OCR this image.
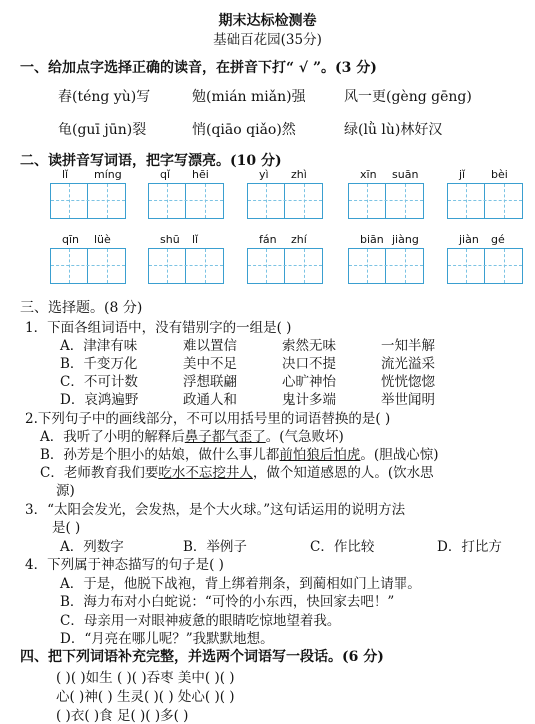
期末达标检测卷
基础百花园(35分)
一、给加点字选择正确的读音，在拼音下打“ √ ”。(3 分)
舂(téng yù)写	勉(mián miǎn)强	风一更(gèng gēng)
龟(guī jūn)裂	悄(qiāo qiǎo)然	绿(lǜ lù)林好汉
二、读拼音写词语，把字写漂亮。(10 分)
lǐ míng	qǐ hēi	yì zhì	xīn suān	jǐ bèi
qīn lüè	shū lǐ	fán zhí	biān jiàng	jiàn gé
三、选择题。(8 分)
1．下面各组词语中，没有错别字的一组是( )
A．津津有味	难以置信	索然无味	一知半解
B．千变万化	美中不足	决口不提	流光溢采
C．不可计数	浮想联翩	心旷神怡	恍恍惚惚
D．哀鸿遍野	政通人和	鬼计多端	举世闻明
2.下列句子中的画线部分，不可以用括号里的词语替换的是( )
A．我听了小明的解释后鼻子都气歪了。(气急败坏)
B．孙芳是个胆小的姑娘，做什么事儿都前怕狼后怕虎。(胆战心惊)
C．老师教育我们要吃水不忘挖井人，做个知道感恩的人。(饮水思
源)
3．“太阳会发光，会发热，是个大火球。”这句话运用的说明方法
是( )
A．列数字	B．举例子	C．作比较	D．打比方
4．下列属于神态描写的句子是( )
A．于是，他脱下战袍，背上绑着荆条，到蔺相如门上请罪。
B．海力布对小白蛇说：“可怜的小东西，快回家去吧！”
C．母亲用一对眼神疲惫的眼睛吃惊地望着我。
D．“月亮在哪儿呢？”我默默地想。
四、把下列词语补充完整，并选两个词语写一段话。(6 分)
( )( )如生 ( )( )吞枣 美中( )( )
心( )神( ) 生灵( )( ) 处心( )( )
( )衣( )食 足( )( )多( )
